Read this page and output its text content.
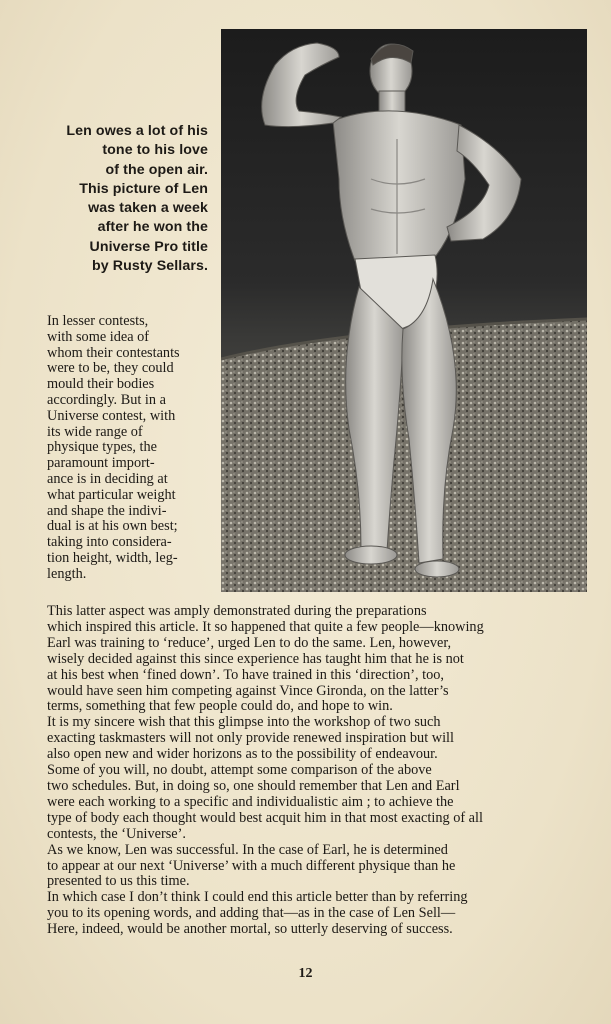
Len owes a lot of his
tone to his love
of the open air.
This picture of Len
was taken a week
after he won the
Universe Pro title
by Rusty Sellars.
In lesser contests,
with some idea of
whom their contestants
were to be, they could
mould their bodies
accordingly. But in a
Universe contest, with
its wide range of
physique types, the
paramount import-
ance is in deciding at
what particular weight
and shape the indivi-
dual is at his own best;
taking into considera-
tion height, width, leg-
length.
This latter aspect was amply demonstrated during the preparations
which inspired this article. It so happened that quite a few people—knowing
Earl was training to ‘reduce’, urged Len to do the same. Len, however,
wisely decided against this since experience has taught him that he is not
at his best when ‘fined down’. To have trained in this ‘direction’, too,
would have seen him competing against Vince Gironda, on the latter’s
terms, something that few people could do, and hope to win.
It is my sincere wish that this glimpse into the workshop of two such
exacting taskmasters will not only provide renewed inspiration but will
also open new and wider horizons as to the possibility of endeavour.
Some of you will, no doubt, attempt some comparison of the above
two schedules. But, in doing so, one should remember that Len and Earl
were each working to a specific and individualistic aim ; to achieve the
type of body each thought would best acquit him in that most exacting of all
contests, the ‘Universe’.
As we know, Len was successful. In the case of Earl, he is determined
to appear at our next ‘Universe’ with a much different physique than he
presented to us this time.
In which case I don’t think I could end this article better than by referring
you to its opening words, and adding that—as in the case of Len Sell—
Here, indeed, would be another mortal, so utterly deserving of success.
12
